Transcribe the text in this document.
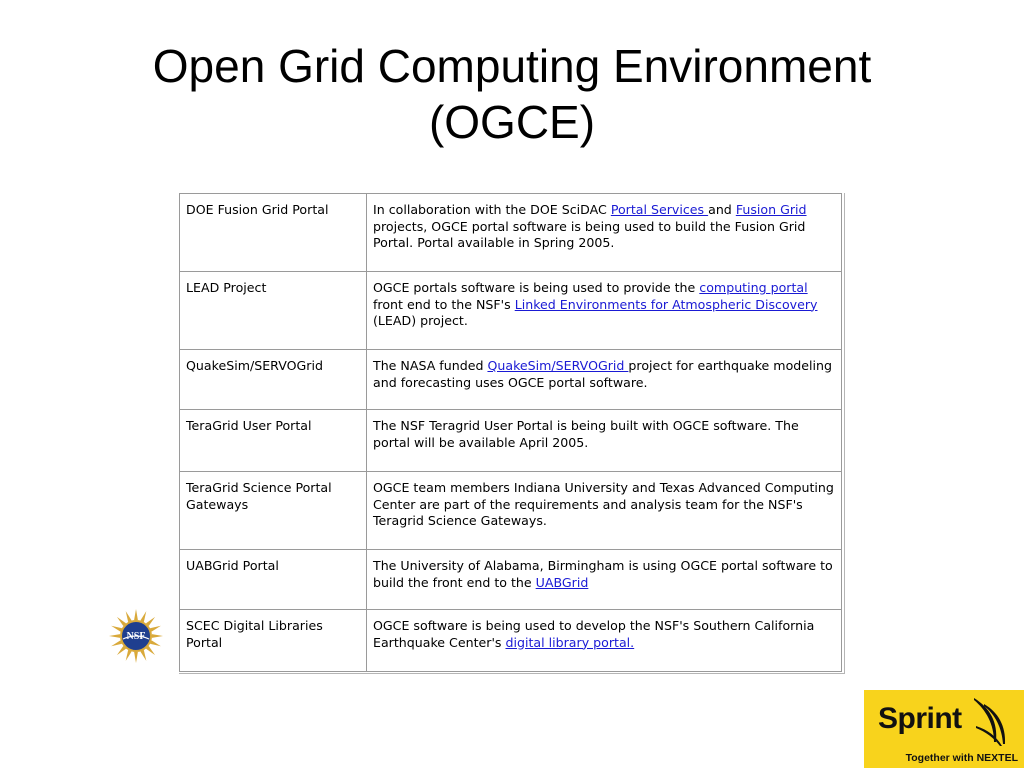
Open Grid Computing Environment
(OGCE)
DOE Fusion Grid Portal	In collaboration with the DOE SciDAC Portal Services and Fusion Grid projects, OGCE portal software is being used to build the Fusion Grid Portal. Portal available in Spring 2005.
LEAD Project	OGCE portals software is being used to provide the computing portal front end to the NSF's Linked Environments for Atmospheric Discovery (LEAD) project.
QuakeSim/SERVOGrid	The NASA funded QuakeSim/SERVOGrid project for earthquake modeling and forecasting uses OGCE portal software.
TeraGrid User Portal	The NSF Teragrid User Portal is being built with OGCE software. The portal will be available April 2005.
TeraGrid Science Portal Gateways	OGCE team members Indiana University and Texas Advanced Computing Center are part of the requirements and analysis team for the NSF's Teragrid Science Gateways.
UABGrid Portal	The University of Alabama, Birmingham is using OGCE portal software to build the front end to the UABGrid
SCEC Digital Libraries Portal	OGCE software is being used to develop the NSF's Southern California Earthquake Center's digital library portal.
NSF
Sprint
Together with NEXTEL
